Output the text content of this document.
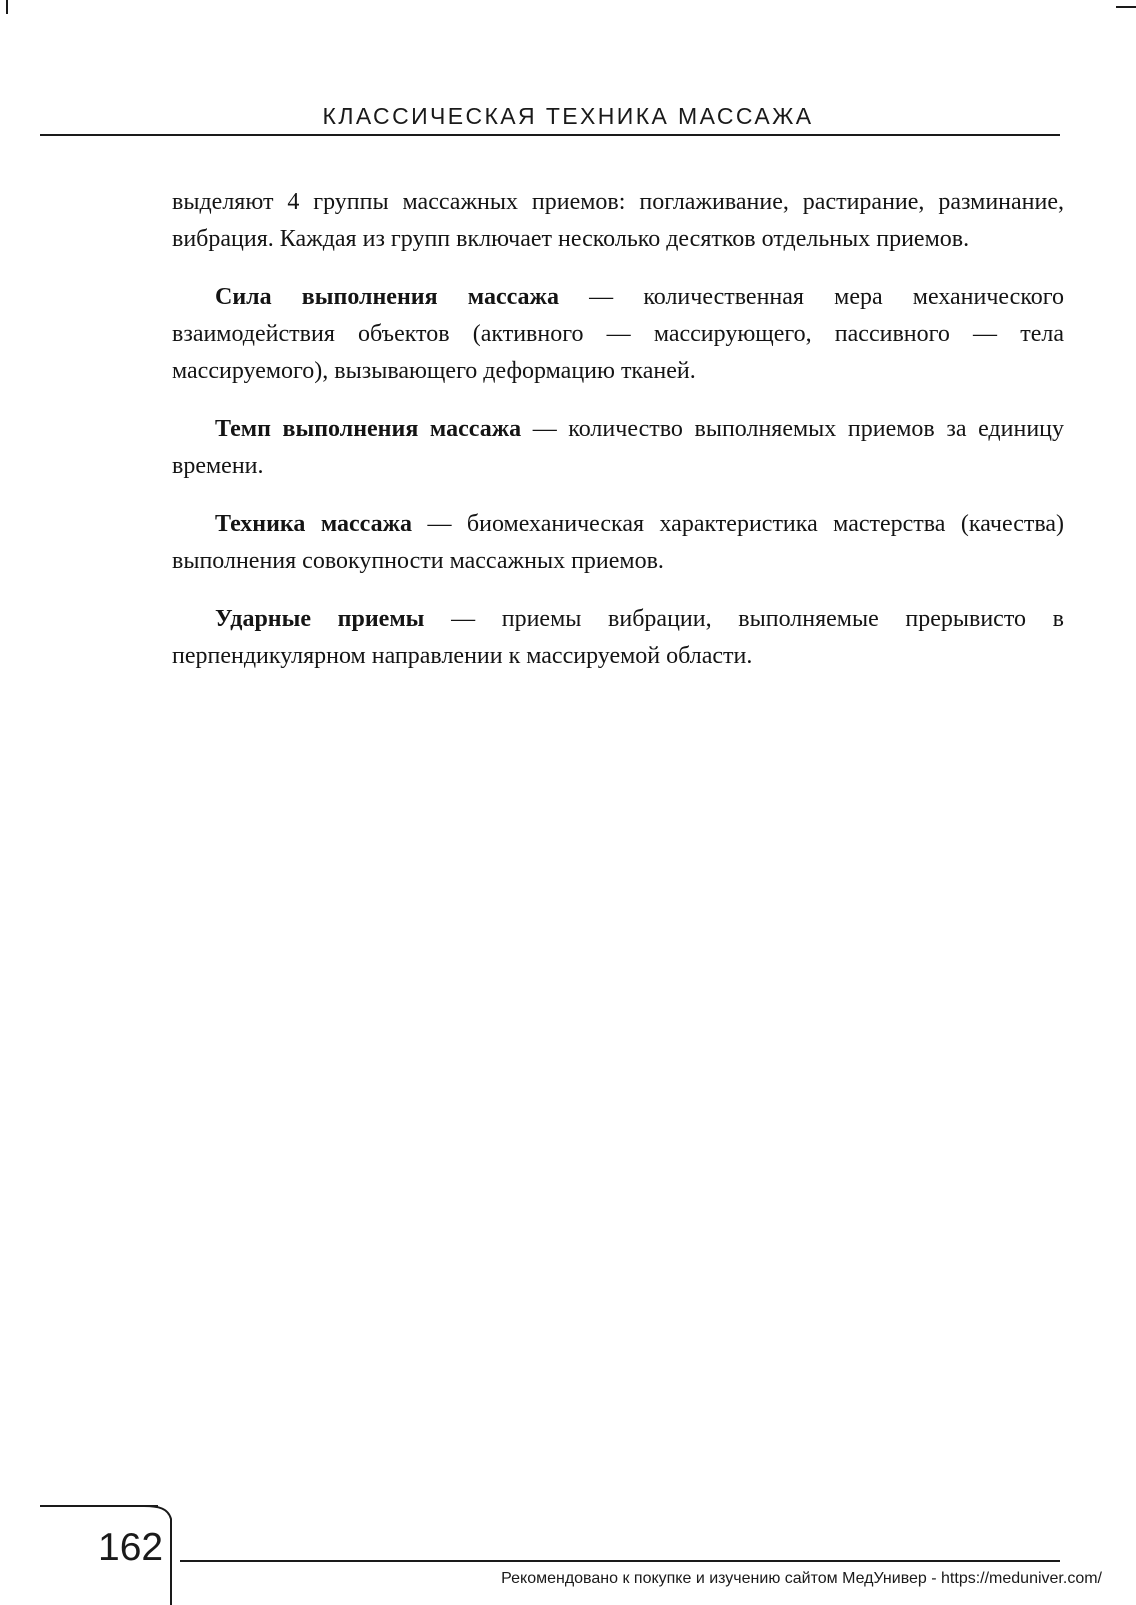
КЛАССИЧЕСКАЯ ТЕХНИКА МАССАЖА

выделяют 4 группы массажных приемов: поглаживание, растирание, разминание, вибрация. Каждая из групп включает несколько десятков отдельных приемов.

Сила выполнения массажа — количественная мера механического взаимодействия объектов (активного — массирующего, пассивного — тела массируемого), вызывающего деформацию тканей.

Темп выполнения массажа — количество выполняемых приемов за единицу времени.

Техника массажа — биомеханическая характеристика мастерства (качества) выполнения совокупности массажных приемов.

Ударные приемы — приемы вибрации, выполняемые прерывисто в перпендикулярном направлении к массируемой области.

162
Рекомендовано к покупке и изучению сайтом МедУнивер - https://meduniver.com/
